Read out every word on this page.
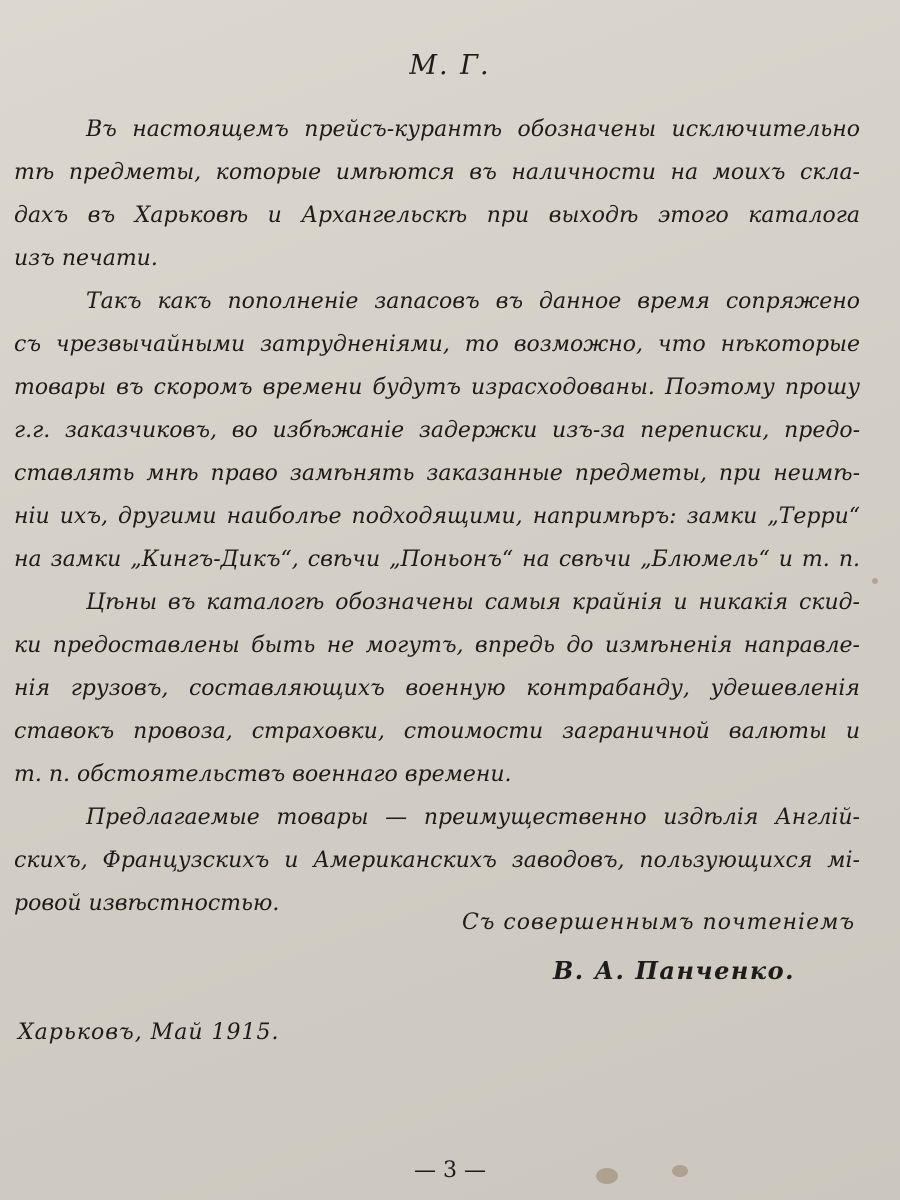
М. Г.
Въ настоящемъ прейсъ-курантѣ обозначены исключительно
тѣ предметы, которые имѣются въ наличности на моихъ скла-
дахъ въ Харьковѣ и Архангельскѣ при выходѣ этого каталога
изъ печати.
Такъ какъ пополненіе запасовъ въ данное время сопряжено
съ чрезвычайными затрудненіями, то возможно, что нѣкоторые
товары въ скоромъ времени будутъ израсходованы. Поэтому прошу
г.г. заказчиковъ, во избѣжаніе задержки изъ-за переписки, предо-
ставлять мнѣ право замѣнять заказанные предметы, при неимѣ-
ніи ихъ, другими наиболѣе подходящими, напримѣръ: замки „Терри“
на замки „Кингъ-Дикъ“, свѣчи „Поньонъ“ на свѣчи „Блюмель“ и т. п.
Цѣны въ каталогѣ обозначены самыя крайнія и никакія скид-
ки предоставлены быть не могутъ, впредь до измѣненія направле-
нія грузовъ, составляющихъ военную контрабанду, удешевленія
ставокъ провоза, страховки, стоимости заграничной валюты и
т. п. обстоятельствъ военнаго времени.
Предлагаемые товары — преимущественно издѣлія Англій-
скихъ, Французскихъ и Американскихъ заводовъ, пользующихся мі-
ровой извѣстностью.
Съ совершеннымъ почтеніемъ
В. А. Панченко.
Харьковъ, Май 1915.
— 3 —
